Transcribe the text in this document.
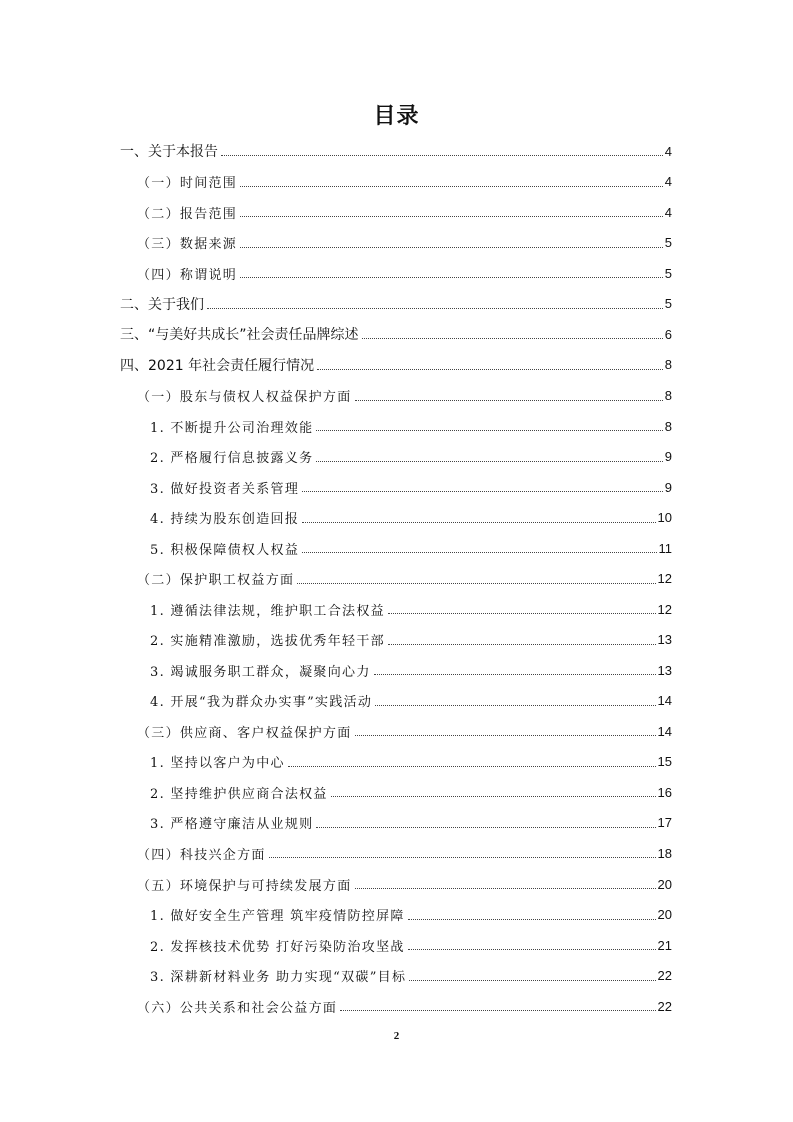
目录
一、关于本报告	4
（一）时间范围	4
（二）报告范围	4
（三）数据来源	5
（四）称谓说明	5
二、关于我们	5
三、“与美好共成长”社会责任品牌综述	6
四、2021 年社会责任履行情况	8
（一）股东与债权人权益保护方面	8
1. 不断提升公司治理效能	8
2. 严格履行信息披露义务	9
3. 做好投资者关系管理	9
4. 持续为股东创造回报	10
5. 积极保障债权人权益	11
（二）保护职工权益方面	12
1. 遵循法律法规，维护职工合法权益	12
2. 实施精准激励，选拔优秀年轻干部	13
3. 竭诚服务职工群众，凝聚向心力	13
4. 开展“我为群众办实事”实践活动	14
（三）供应商、客户权益保护方面	14
1. 坚持以客户为中心	15
2. 坚持维护供应商合法权益	16
3. 严格遵守廉洁从业规则	17
（四）科技兴企方面	18
（五）环境保护与可持续发展方面	20
1. 做好安全生产管理 筑牢疫情防控屏障	20
2. 发挥核技术优势 打好污染防治攻坚战	21
3. 深耕新材料业务 助力实现“双碳”目标	22
（六）公共关系和社会公益方面	22
2
